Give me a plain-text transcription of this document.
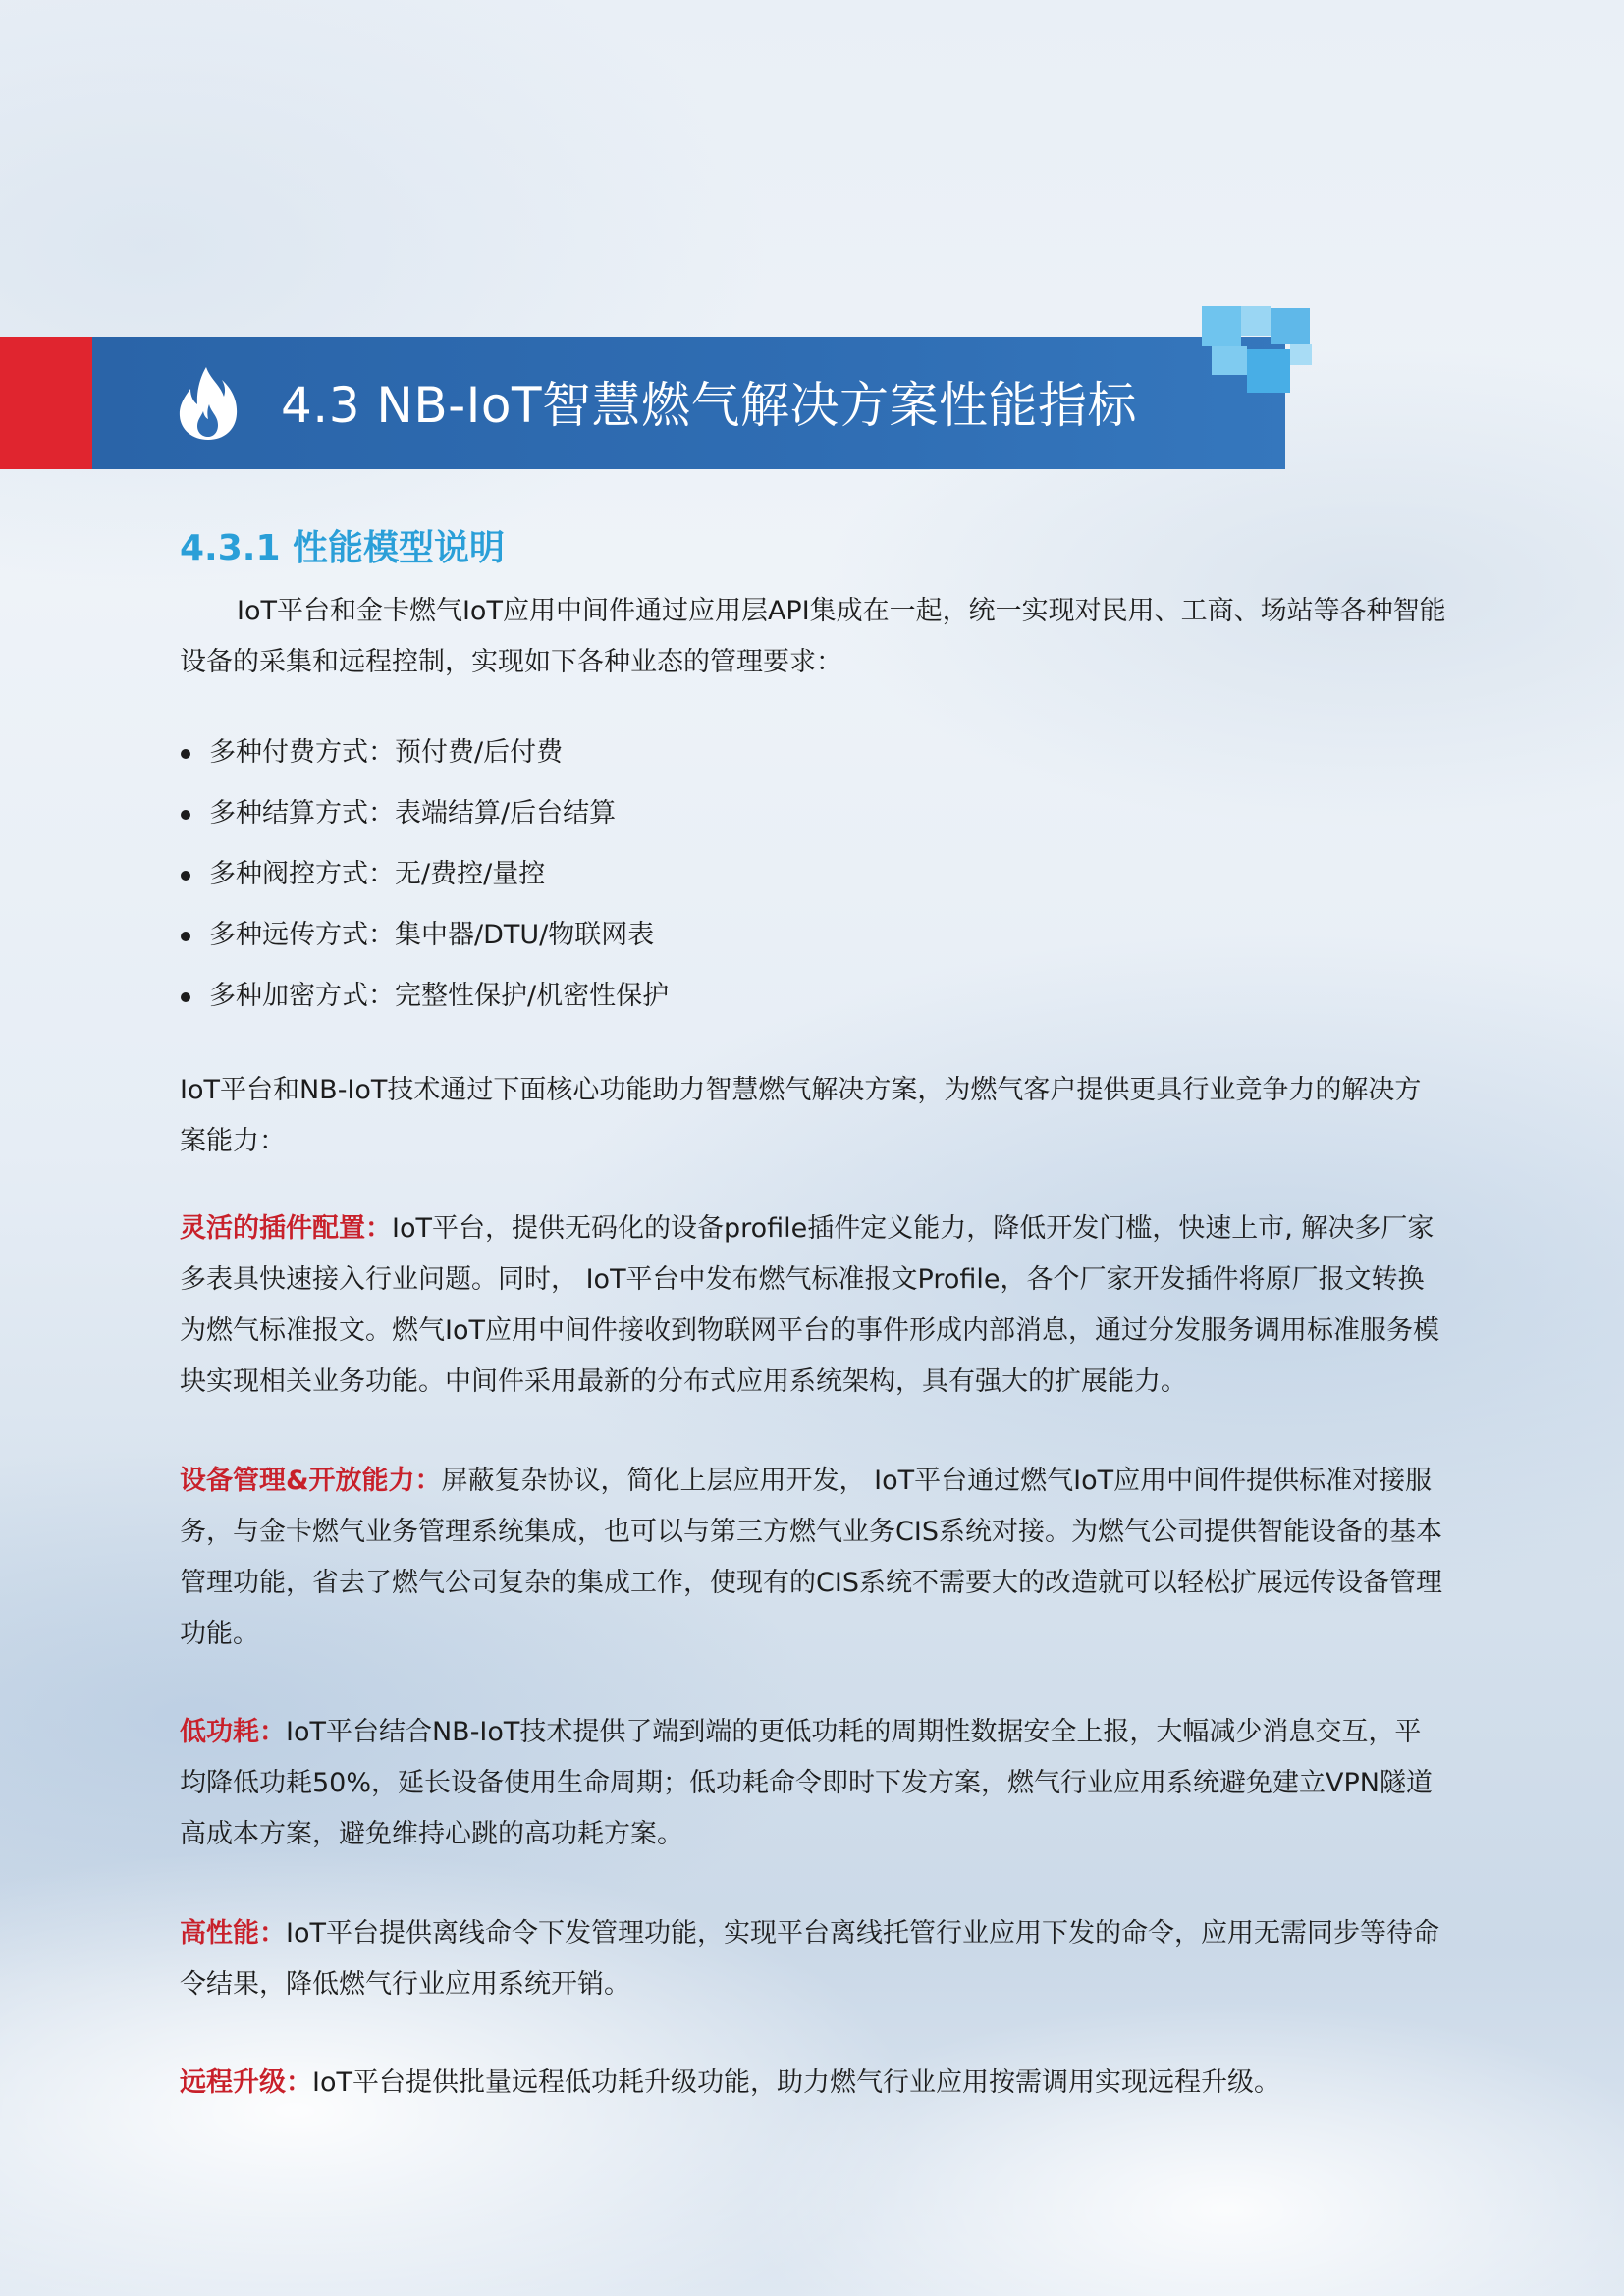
4.3 NB-IoT智慧燃气解决方案性能指标
4.3.1 性能模型说明

IoT平台和金卡燃气IoT应用中间件通过应用层API集成在一起，统一实现对民用、工商、场站等各种智能设备的采集和远程控制，实现如下各种业态的管理要求：

多种付费方式：预付费/后付费
多种结算方式：表端结算/后台结算
多种阀控方式：无/费控/量控
多种远传方式：集中器/DTU/物联网表
多种加密方式：完整性保护/机密性保护

IoT平台和NB-IoT技术通过下面核心功能助力智慧燃气解决方案，为燃气客户提供更具行业竞争力的解决方案能力：

灵活的插件配置：IoT平台，提供无码化的设备profile插件定义能力，降低开发门槛，快速上市, 解决多厂家多表具快速接入行业问题。同时， IoT平台中发布燃气标准报文Profile，各个厂家开发插件将原厂报文转换为燃气标准报文。燃气IoT应用中间件接收到物联网平台的事件形成内部消息，通过分发服务调用标准服务模块实现相关业务功能。中间件采用最新的分布式应用系统架构，具有强大的扩展能力。

设备管理&开放能力：屏蔽复杂协议，简化上层应用开发， IoT平台通过燃气IoT应用中间件提供标准对接服务，与金卡燃气业务管理系统集成，也可以与第三方燃气业务CIS系统对接。为燃气公司提供智能设备的基本管理功能，省去了燃气公司复杂的集成工作，使现有的CIS系统不需要大的改造就可以轻松扩展远传设备管理功能。

低功耗：IoT平台结合NB-IoT技术提供了端到端的更低功耗的周期性数据安全上报，大幅减少消息交互，平均降低功耗50%，延长设备使用生命周期；低功耗命令即时下发方案，燃气行业应用系统避免建立VPN隧道高成本方案，避免维持心跳的高功耗方案。

高性能：IoT平台提供离线命令下发管理功能，实现平台离线托管行业应用下发的命令，应用无需同步等待命令结果，降低燃气行业应用系统开销。

远程升级：IoT平台提供批量远程低功耗升级功能，助力燃气行业应用按需调用实现远程升级。
